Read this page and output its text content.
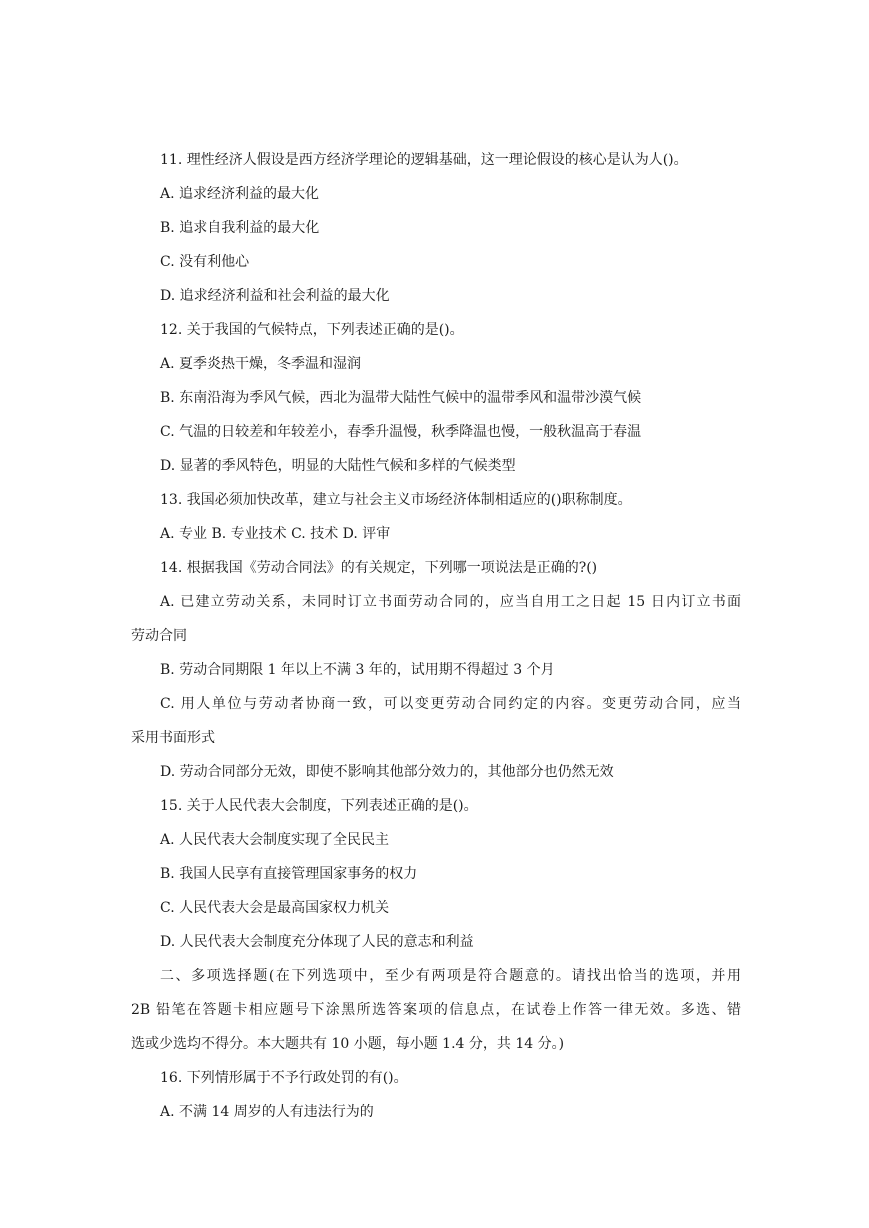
11. 理性经济人假设是西方经济学理论的逻辑基础，这一理论假设的核心是认为人()。
A. 追求经济利益的最大化
B. 追求自我利益的最大化
C. 没有利他心
D. 追求经济利益和社会利益的最大化
12. 关于我国的气候特点，下列表述正确的是()。
A. 夏季炎热干燥，冬季温和湿润
B. 东南沿海为季风气候，西北为温带大陆性气候中的温带季风和温带沙漠气候
C. 气温的日较差和年较差小，春季升温慢，秋季降温也慢，一般秋温高于春温
D. 显著的季风特色，明显的大陆性气候和多样的气候类型
13. 我国必须加快改革，建立与社会主义市场经济体制相适应的()职称制度。
A. 专业 B. 专业技术 C. 技术 D. 评审
14. 根据我国《劳动合同法》的有关规定，下列哪一项说法是正确的?()
A. 已建立劳动关系，未同时订立书面劳动合同的，应当自用工之日起 15 日内订立书面
劳动合同
B. 劳动合同期限 1 年以上不满 3 年的，试用期不得超过 3 个月
C. 用人单位与劳动者协商一致，可以变更劳动合同约定的内容。变更劳动合同，应当
采用书面形式
D. 劳动合同部分无效，即使不影响其他部分效力的，其他部分也仍然无效
15. 关于人民代表大会制度，下列表述正确的是()。
A. 人民代表大会制度实现了全民民主
B. 我国人民享有直接管理国家事务的权力
C. 人民代表大会是最高国家权力机关
D. 人民代表大会制度充分体现了人民的意志和利益
二、多项选择题(在下列选项中，至少有两项是符合题意的。请找出恰当的选项，并用
2B 铅笔在答题卡相应题号下涂黑所选答案项的信息点，在试卷上作答一律无效。多选、错
选或少选均不得分。本大题共有 10 小题，每小题 1.4 分，共 14 分。)
16. 下列情形属于不予行政处罚的有()。
A. 不满 14 周岁的人有违法行为的
